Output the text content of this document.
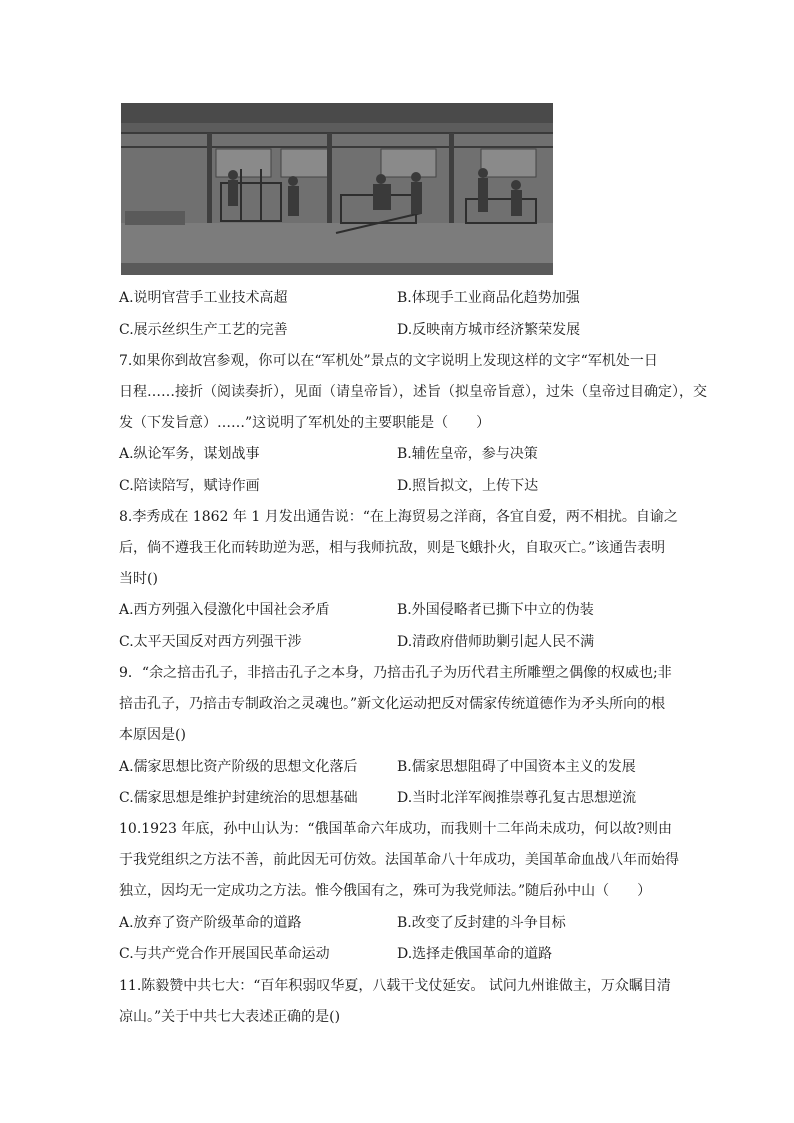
A.说明官营手工业技术高超	B.体现手工业商品化趋势加强
C.展示丝织生产工艺的完善	D.反映南方城市经济繁荣发展
7.如果你到故宫参观，你可以在“军机处”景点的文字说明上发现这样的文字“军机处一日
日程……接折（阅读奏折），见面（请皇帝旨），述旨（拟皇帝旨意），过朱（皇帝过目确定），交
发（下发旨意）……”这说明了军机处的主要职能是（　　）
A.纵论军务，谋划战事	B.辅佐皇帝，参与决策
C.陪读陪写，赋诗作画	D.照旨拟文，上传下达
8.李秀成在 1862 年 1 月发出通告说：“在上海贸易之洋商，各宜自爱，两不相扰。自谕之
后，倘不遵我王化而转助逆为恶，相与我师抗敌，则是飞蛾扑火，自取灭亡。”该通告表明
当时()
A.西方列强入侵激化中国社会矛盾	B.外国侵略者已撕下中立的伪装
C.太平天国反对西方列强干涉	D.清政府借师助剿引起人民不满
9．“余之掊击孔子，非掊击孔子之本身，乃掊击孔子为历代君主所雕塑之偶像的权威也;非
掊击孔子，乃掊击专制政治之灵魂也。”新文化运动把反对儒家传统道德作为矛头所向的根
本原因是()
A.儒家思想比资产阶级的思想文化落后	B.儒家思想阻碍了中国资本主义的发展
C.儒家思想是维护封建统治的思想基础	D.当时北洋军阀推崇尊孔复古思想逆流
10.1923 年底，孙中山认为：“俄国革命六年成功，而我则十二年尚未成功，何以故?则由
于我党组织之方法不善，前此因无可仿效。法国革命八十年成功，美国革命血战八年而始得
独立，因均无一定成功之方法。惟今俄国有之，殊可为我党师法。”随后孙中山（　　）
A.放弃了资产阶级革命的道路	B.改变了反封建的斗争目标
C.与共产党合作开展国民革命运动	D.选择走俄国革命的道路
11.陈毅赞中共七大：“百年积弱叹华夏，八载干戈仗延安。 试问九州谁做主，万众瞩目清
凉山。”关于中共七大表述正确的是()
